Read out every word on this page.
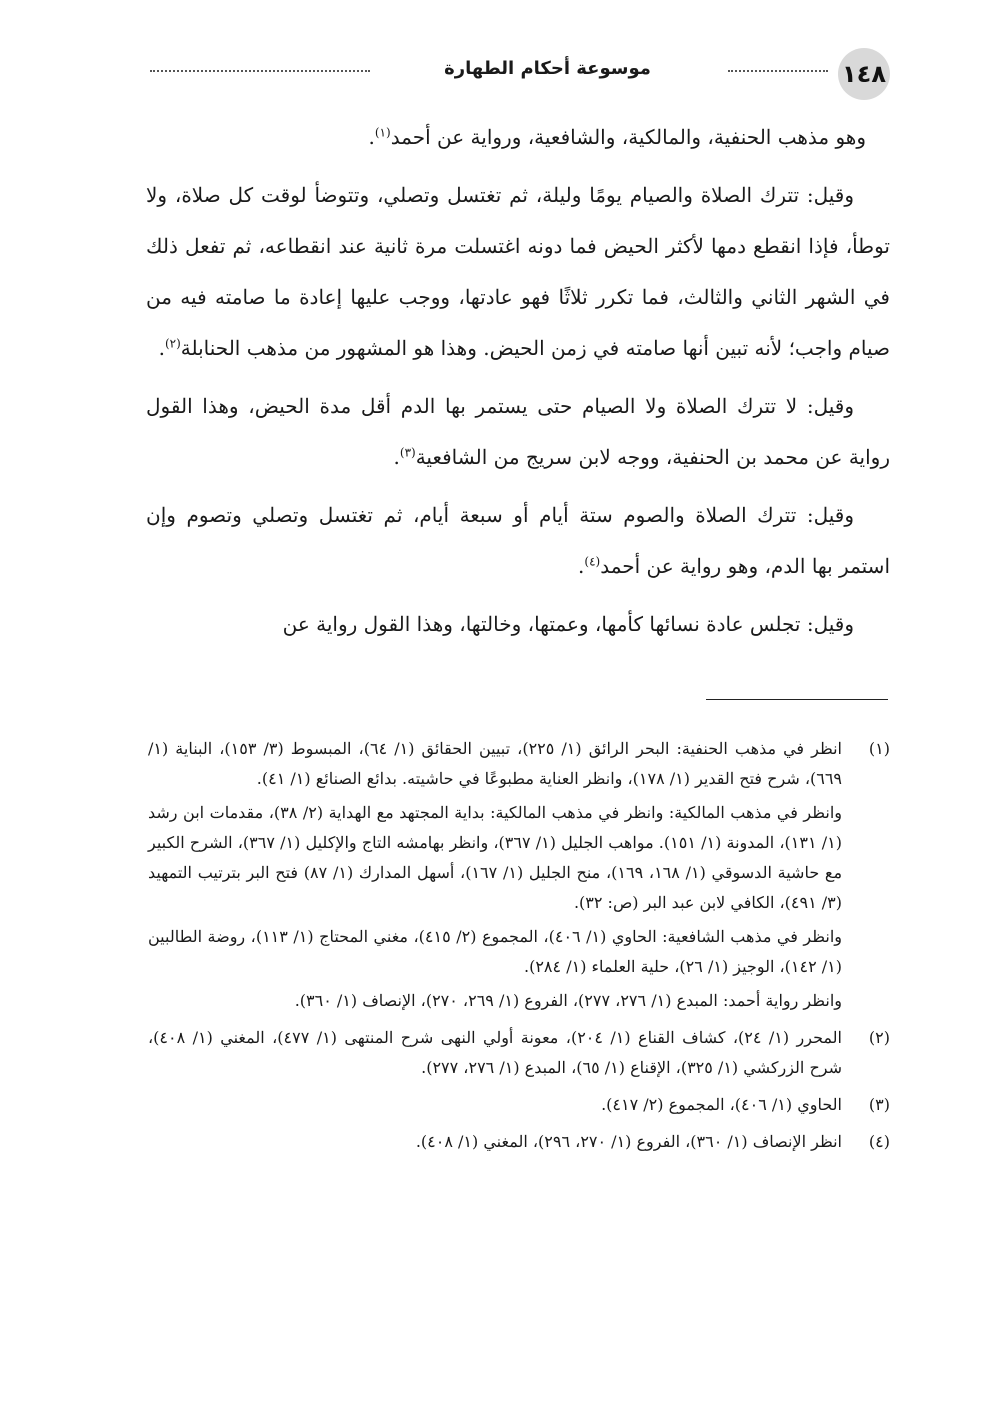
١٤٨
موسوعة أحكام الطهارة

وهو مذهب الحنفية، والمالكية، والشافعية، ورواية عن أحمد$^{(١)}$.

وقيل: تترك الصلاة والصيام يومًا وليلة، ثم تغتسل وتصلي، وتتوضأ لوقت كل صلاة، ولا توطأ، فإذا انقطع دمها لأكثر الحيض فما دونه اغتسلت مرة ثانية عند انقطاعه، ثم تفعل ذلك في الشهر الثاني والثالث، فما تكرر ثلاثًا فهو عادتها، ووجب عليها إعادة ما صامته فيه من صيام واجب؛ لأنه تبين أنها صامته في زمن الحيض. وهذا هو المشهور من مذهب الحنابلة$^{(٢)}$.

وقيل: لا تترك الصلاة ولا الصيام حتى يستمر بها الدم أقل مدة الحيض، وهذا القول رواية عن محمد بن الحنفية، ووجه لابن سريج من الشافعية$^{(٣)}$.

وقيل: تترك الصلاة والصوم ستة أيام أو سبعة أيام، ثم تغتسل وتصلي وتصوم وإن استمر بها الدم، وهو رواية عن أحمد$^{(٤)}$.

وقيل: تجلس عادة نسائها كأمها، وعمتها، وخالتها، وهذا القول رواية عن

(١)

انظر في مذهب الحنفية: البحر الرائق (١/ ٢٢٥)، تبيين الحقائق (١/ ٦٤)، المبسوط (٣/ ١٥٣)، البناية (١/ ٦٦٩)، شرح فتح القدير (١/ ١٧٨)، وانظر العناية مطبوعًا في حاشيته. بدائع الصنائع (١/ ٤١).

وانظر في مذهب المالكية: وانظر في مذهب المالكية: بداية المجتهد مع الهداية (٢/ ٣٨)، مقدمات ابن رشد (١/ ١٣١)، المدونة (١/ ١٥١). مواهب الجليل (١/ ٣٦٧)، وانظر بهامشه التاج والإكليل (١/ ٣٦٧)، الشرح الكبير مع حاشية الدسوقي (١/ ١٦٨، ١٦٩)، منح الجليل (١/ ١٦٧)، أسهل المدارك (١/ ٨٧) فتح البر بترتيب التمهيد (٣/ ٤٩١)، الكافي لابن عبد البر (ص: ٣٢).

وانظر في مذهب الشافعية: الحاوي (١/ ٤٠٦)، المجموع (٢/ ٤١٥)، مغني المحتاج (١/ ١١٣)، روضة الطالبين (١/ ١٤٢)، الوجيز (١/ ٢٦)، حلية العلماء (١/ ٢٨٤).

وانظر رواية أحمد: المبدع (١/ ٢٧٦، ٢٧٧)، الفروع (١/ ٢٦٩، ٢٧٠)، الإنصاف (١/ ٣٦٠).

(٢)

المحرر (١/ ٢٤)، كشاف القناع (١/ ٢٠٤)، معونة أولي النهى شرح المنتهى (١/ ٤٧٧)، المغني (١/ ٤٠٨)، شرح الزركشي (١/ ٣٢٥)، الإقناع (١/ ٦٥)، المبدع (١/ ٢٧٦، ٢٧٧).

(٣)

الحاوي (١/ ٤٠٦)، المجموع (٢/ ٤١٧).

(٤)

انظر الإنصاف (١/ ٣٦٠)، الفروع (١/ ٢٧٠، ٢٩٦)، المغني (١/ ٤٠٨).
